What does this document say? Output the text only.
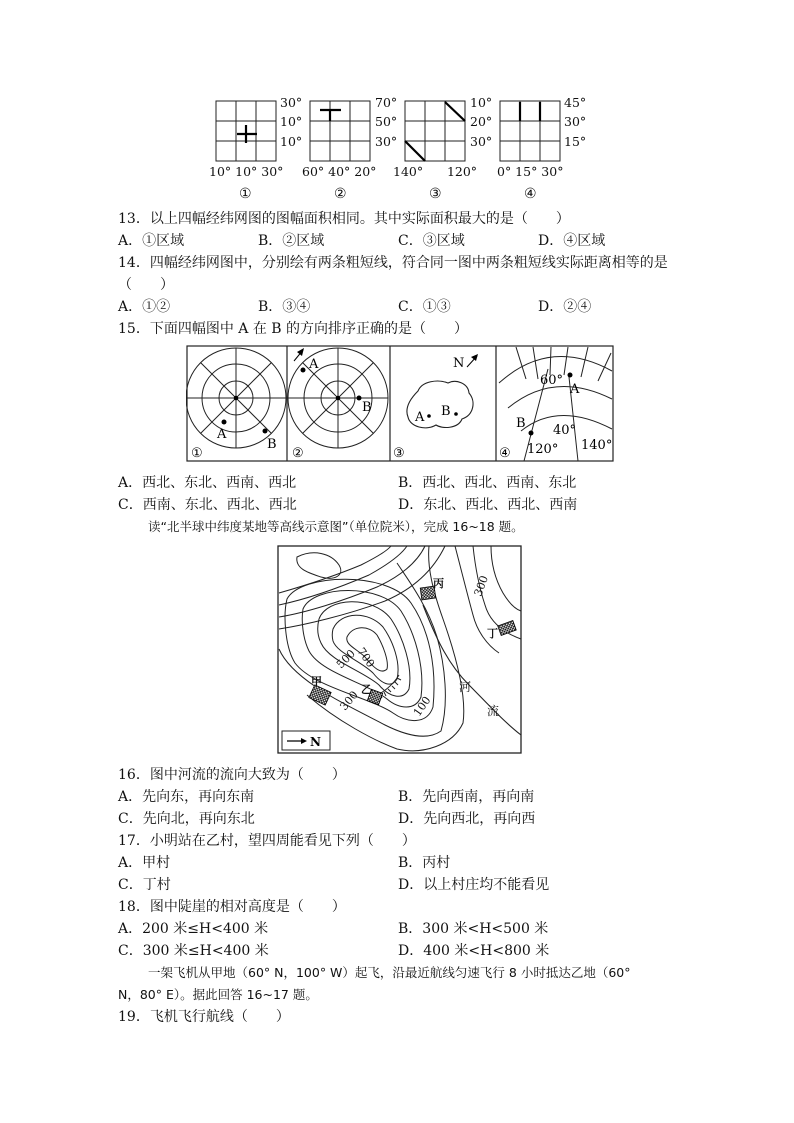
30°
10°
10°
10° 10° 30°
①
70°
50°
30°
60° 40° 20°
②
10°
20°
30°
140°      120°
③
45°
30°
15°
0° 15° 30°
④
13．以上四幅经纬网图的图幅面积相同。其中实际面积最大的是（　　）
A．①区域	B．②区域	C．③区域	D．④区域
14．四幅经纬网图中，分别绘有两条粗短线，符合同一图中两条粗短线实际距离相等的是
（　　）
A．①②	B．③④	C．①③	D．②④
15．下面四幅图中 A 在 B 的方向排序正确的是（　　）
A
B
①
A
B
②
N
A B
③
60°
A
40°
B
120° 140°
④
A．西北、东北、西南、西北	B．西北、西北、西南、东北
C．西南、东北、西北、西北	D．东北、西北、西北、西南
读“北半球中纬度某地等高线示意图”（单位院米），完成 16~18 题。
300
500
700
300	100
丙
丁
甲
乙	河
流
N
16．图中河流的流向大致为（　　）
A．先向东，再向东南	B．先向西南，再向南
C．先向北，再向东北	D．先向西北，再向西
17．小明站在乙村，望四周能看见下列（　　）
A．甲村	B．丙村
C．丁村	D．以上村庄均不能看见
18．图中陡崖的相对高度是（　　）
A．200 米≤H<400 米	B．300 米<H<500 米
C．300 米≤H<400 米	D．400 米<H<800 米
一架飞机从甲地（60° N，100° W）起飞，沿最近航线匀速飞行 8 小时抵达乙地（60°
N，80° E）。据此回答 16~17 题。
19．飞机飞行航线（　　）
